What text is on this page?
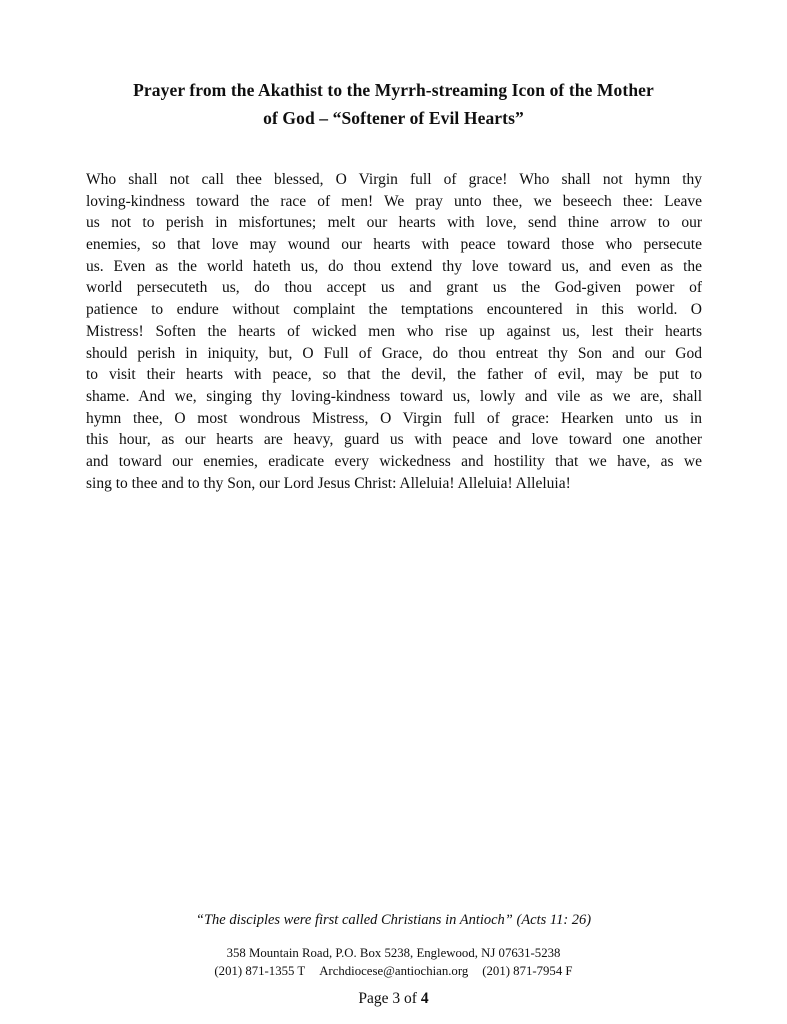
Prayer from the Akathist to the Myrrh-streaming Icon of the Mother
of God – “Softener of Evil Hearts”
Who shall not call thee blessed, O Virgin full of grace! Who shall not hymn thy
loving-kindness toward the race of men! We pray unto thee, we beseech thee: Leave
us not to perish in misfortunes; melt our hearts with love, send thine arrow to our
enemies, so that love may wound our hearts with peace toward those who persecute
us. Even as the world hateth us, do thou extend thy love toward us, and even as the
world persecuteth us, do thou accept us and grant us the God-given power of
patience to endure without complaint the temptations encountered in this world. O
Mistress! Soften the hearts of wicked men who rise up against us, lest their hearts
should perish in iniquity, but, O Full of Grace, do thou entreat thy Son and our God
to visit their hearts with peace, so that the devil, the father of evil, may be put to
shame. And we, singing thy loving-kindness toward us, lowly and vile as we are, shall
hymn thee, O most wondrous Mistress, O Virgin full of grace: Hearken unto us in
this hour, as our hearts are heavy, guard us with peace and love toward one another
and toward our enemies, eradicate every wickedness and hostility that we have, as we
sing to thee and to thy Son, our Lord Jesus Christ: Alleluia! Alleluia! Alleluia!
“The disciples were first called Christians in Antioch” (Acts 11: 26)
358 Mountain Road, P.O. Box 5238, Englewood, NJ 07631-5238
(201) 871-1355 T Archdiocese@antiochian.org (201) 871-7954 F
Page 3 of 4
